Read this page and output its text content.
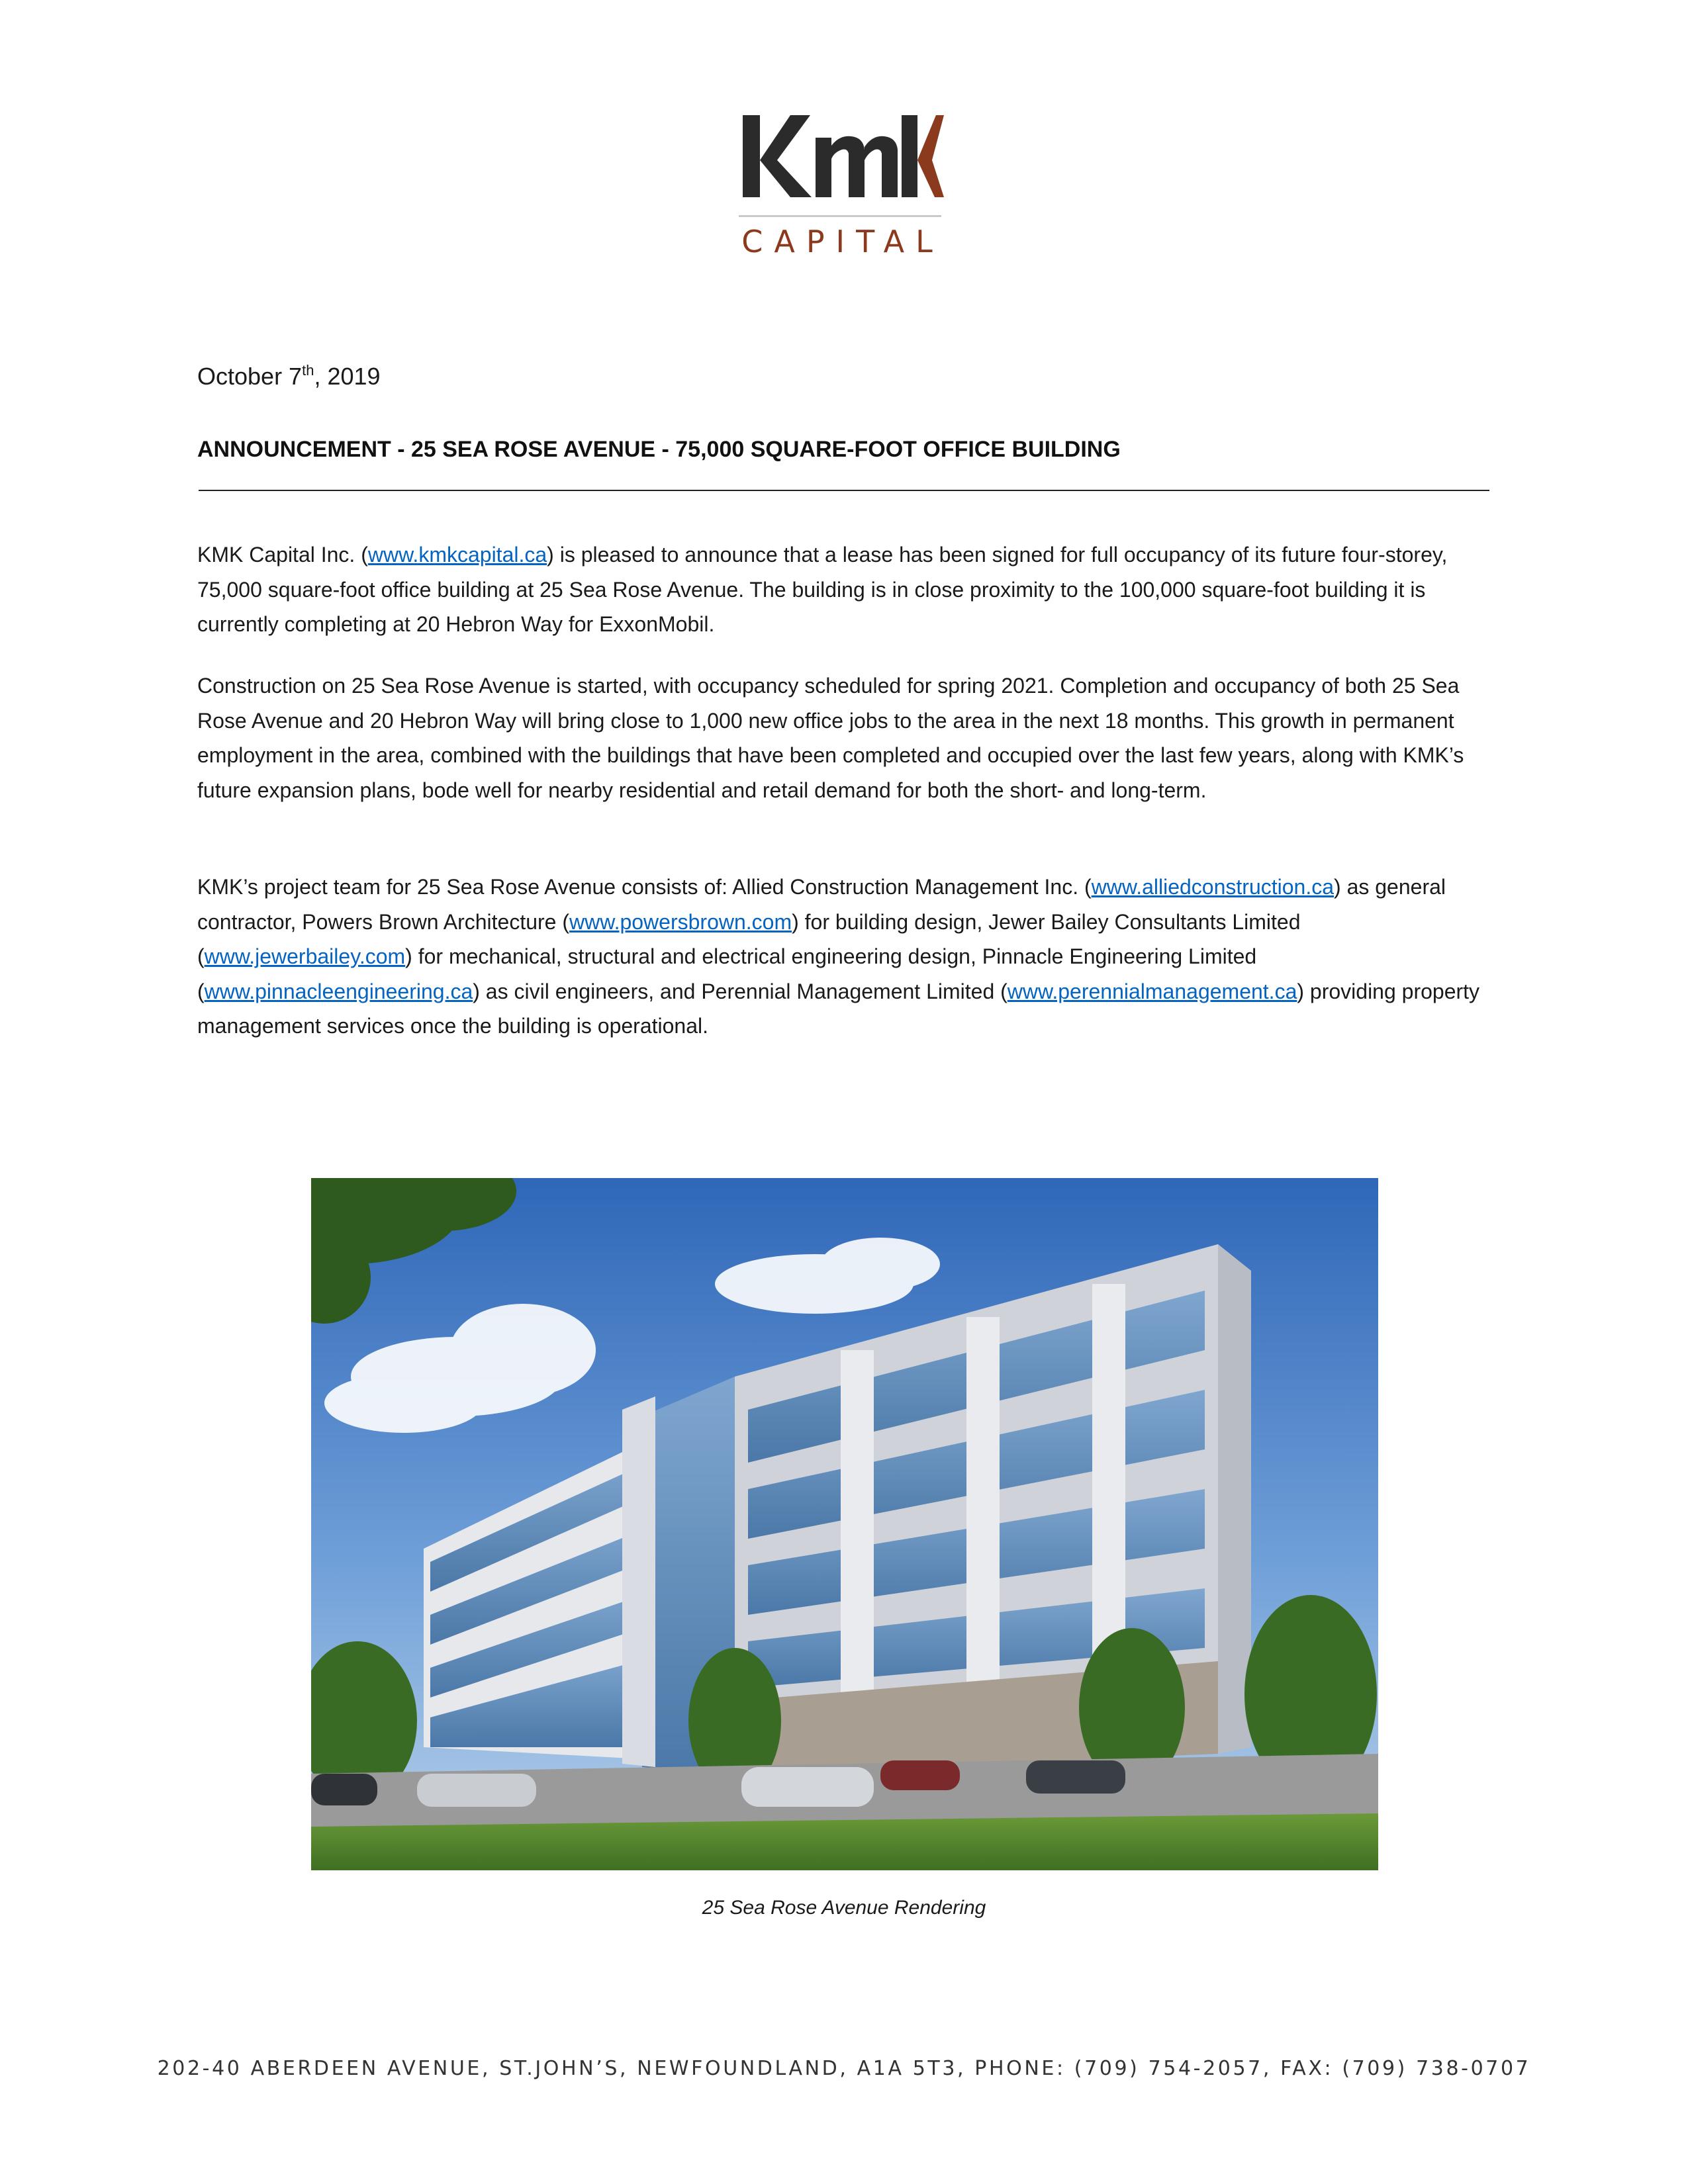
CAPITAL
October 7th, 2019
ANNOUNCEMENT - 25 SEA ROSE AVENUE - 75,000 SQUARE-FOOT OFFICE BUILDING
KMK Capital Inc. (www.kmkcapital.ca) is pleased to announce that a lease has been signed for full occupancy of its future four-storey, 75,000 square-foot office building at 25 Sea Rose Avenue. The building is in close proximity to the 100,000 square-foot building it is currently completing at 20 Hebron Way for ExxonMobil.
Construction on 25 Sea Rose Avenue is started, with occupancy scheduled for spring 2021. Completion and occupancy of both 25 Sea Rose Avenue and 20 Hebron Way will bring close to 1,000 new office jobs to the area in the next 18 months. This growth in permanent employment in the area, combined with the buildings that have been completed and occupied over the last few years, along with KMK’s future expansion plans, bode well for nearby residential and retail demand for both the short- and long-term.
KMK’s project team for 25 Sea Rose Avenue consists of: Allied Construction Management Inc. (www.alliedconstruction.ca) as general contractor, Powers Brown Architecture (www.powersbrown.com) for building design, Jewer Bailey Consultants Limited (www.jewerbailey.com) for mechanical, structural and electrical engineering design, Pinnacle Engineering Limited (www.pinnacleengineering.ca) as civil engineers, and Perennial Management Limited (www.perennialmanagement.ca) providing property management services once the building is operational.
25 Sea Rose Avenue Rendering
202-40 ABERDEEN AVENUE, ST.JOHN’S, NEWFOUNDLAND, A1A 5T3, PHONE: (709) 754-2057, FAX: (709) 738-0707
